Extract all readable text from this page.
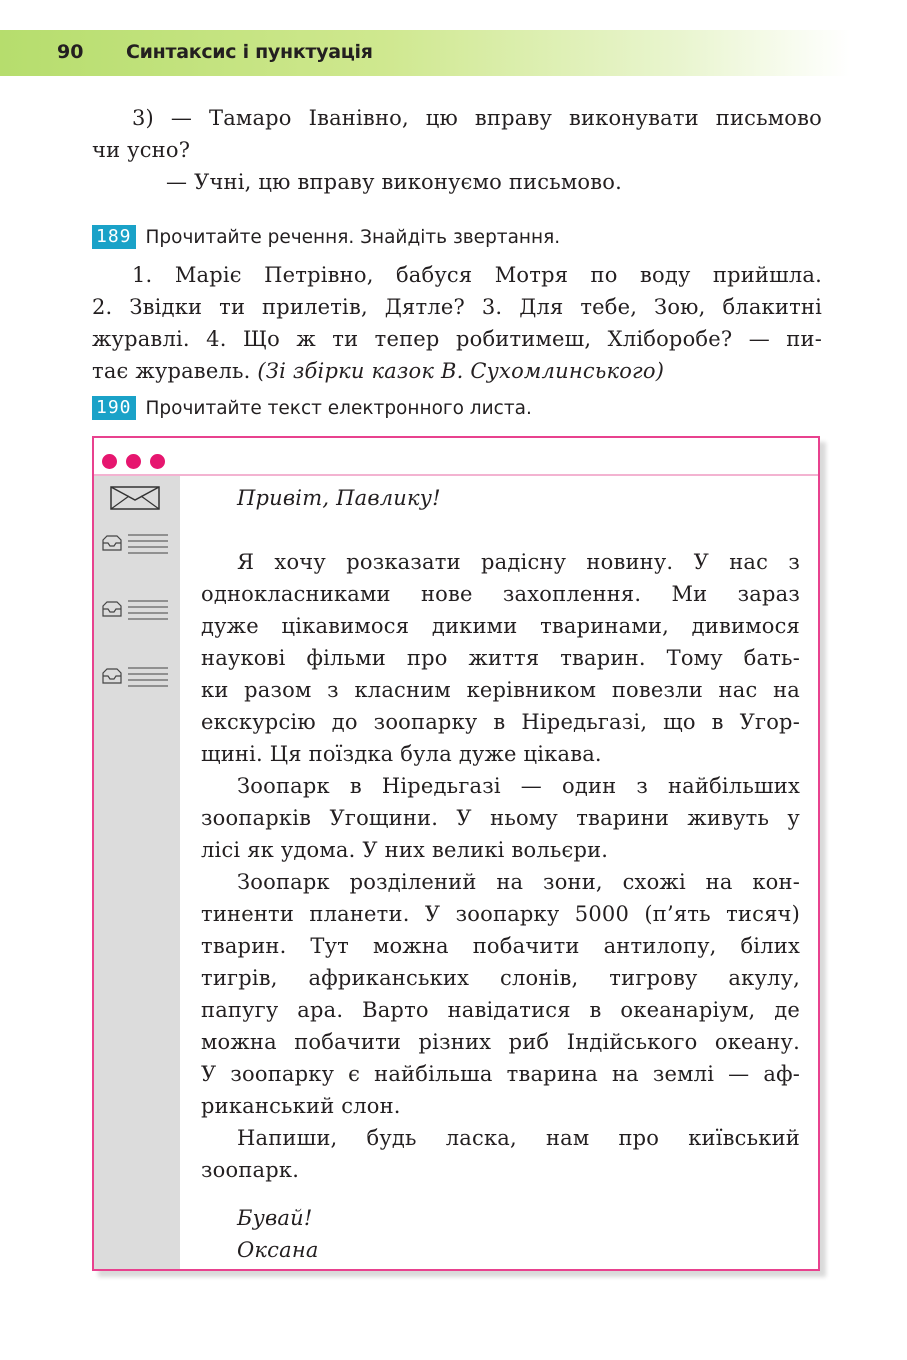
90 Синтаксис і пунктуація
3) — Тамаро Іванівно, цю вправу виконувати письмово
чи усно?
— Учні, цю вправу виконуємо письмово.
189 Прочитайте речення. Знайдіть звертання.
1. Маріє Петрівно, бабуся Мотря по воду прийшла.
2. Звідки ти прилетів, Дятле? 3. Для тебе, Зою, блакитні
журавлі. 4. Що ж ти тепер робитимеш, Хліборобе? — пи-
тає журавель. (Зі збірки казок В. Сухомлинського)
190 Прочитайте текст електронного листа.
Привіт, Павлику!
Я хочу розказати радісну новину. У нас з
однокласниками нове захоплення. Ми зараз
дуже цікавимося дикими тваринами, дивимося
наукові фільми про життя тварин. Тому бать-
ки разом з класним керівником повезли нас на
екскурсію до зоопарку в Ніредьгазі, що в Угор-
щині. Ця поїздка була дуже цікава.
Зоопарк в Ніредьгазі — один з найбільших
зоопарків Угощини. У ньому тварини живуть у
лісі як удома. У них великі вольєри.
Зоопарк розділений на зони, схожі на кон-
тиненти планети. У зоопарку 5000 (п’ять тисяч)
тварин. Тут можна побачити антилопу, білих
тигрів, африканських слонів, тигрову акулу,
папугу ара. Варто навідатися в океанаріум, де
можна побачити різних риб Індійського океану.
У зоопарку є найбільша тварина на землі — аф-
риканський слон.
Напиши, будь ласка, нам про київський
зоопарк.
Бувай!
Оксана
